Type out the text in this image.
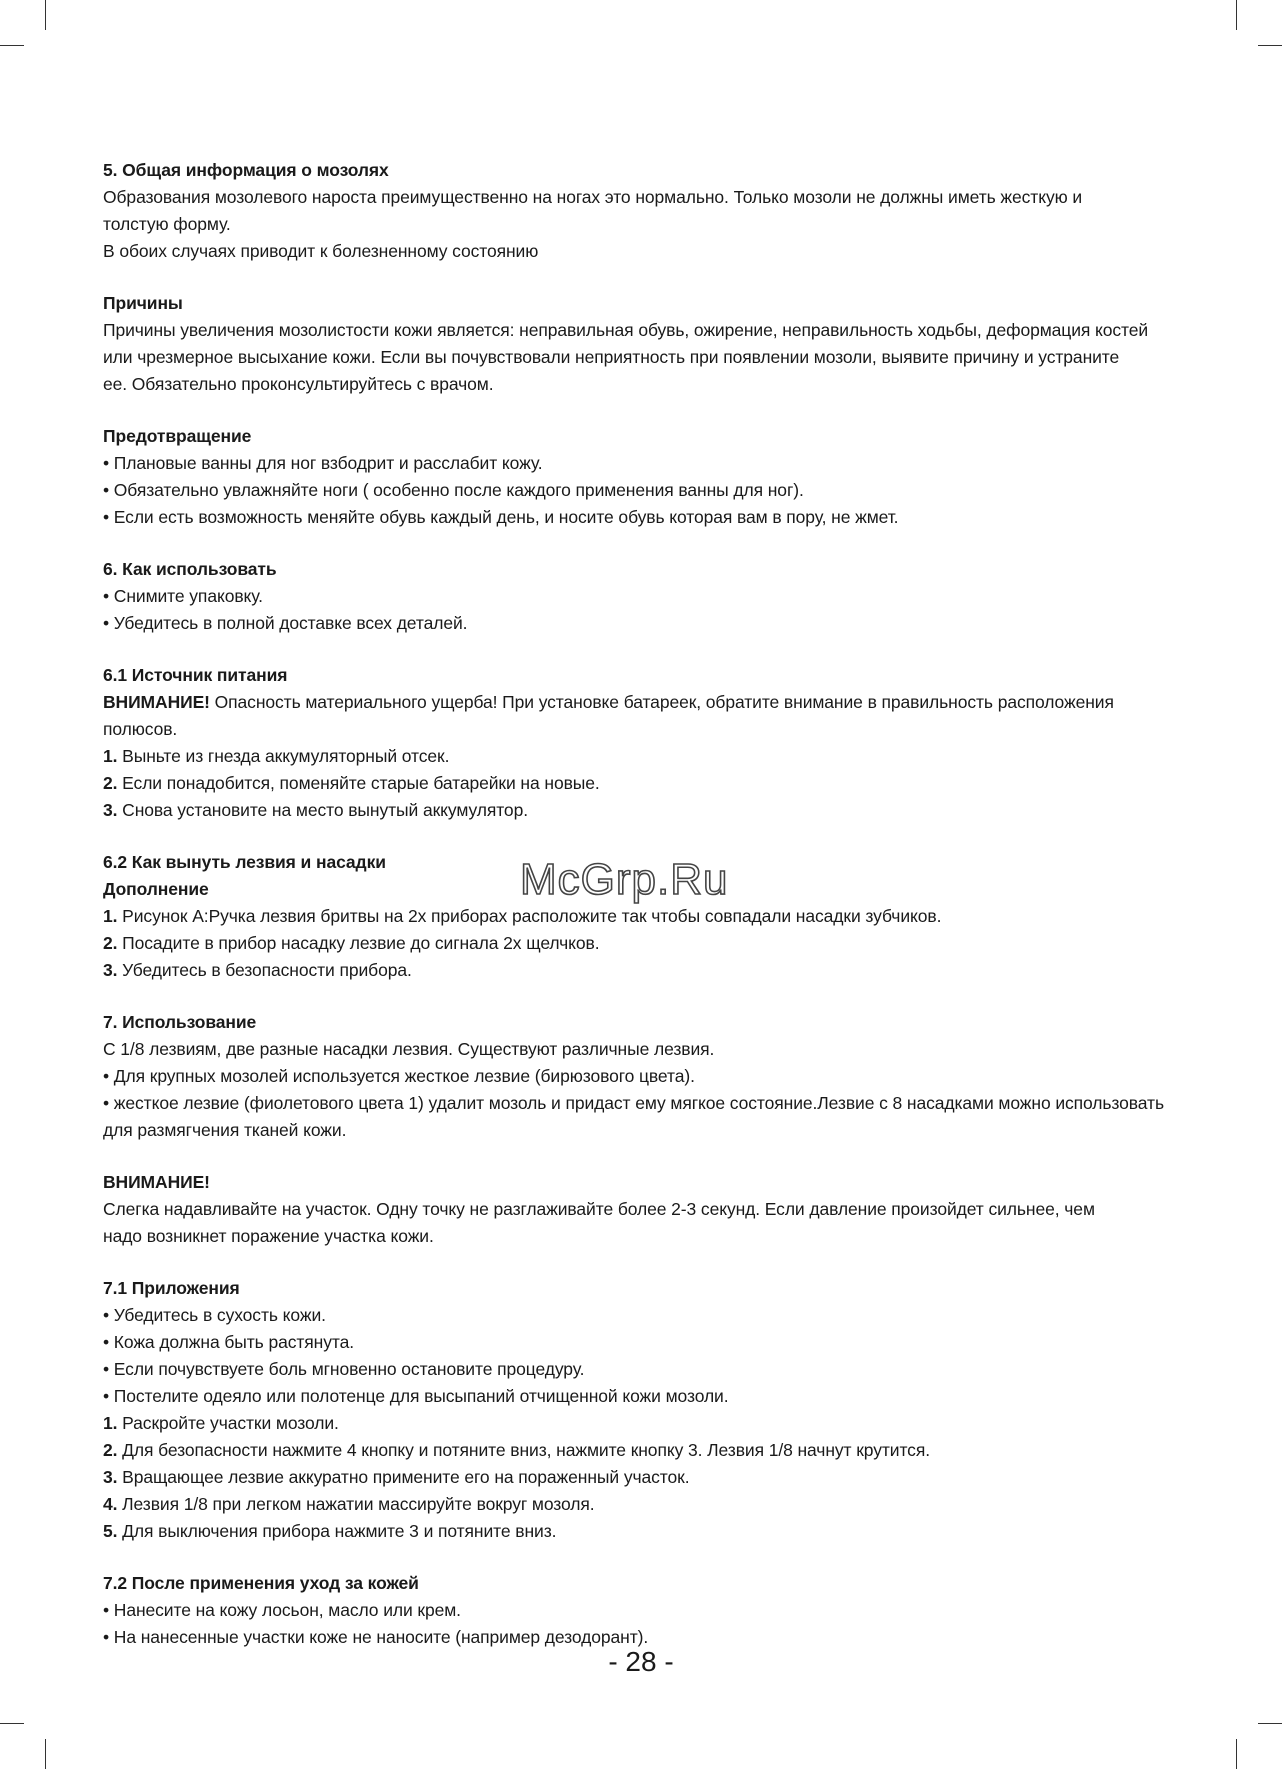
5. Общая информация о мозолях
Образования мозолевого нароста преимущественно на ногах это нормально. Только мозоли не должны иметь жесткую и
толстую форму.
В обоих случаях приводит к болезненному состоянию
Причины
Причины увеличения мозолистости кожи является: неправильная обувь, ожирение, неправильность ходьбы, деформация костей
или чрезмерное высыхание кожи. Если вы почувствовали неприятность при появлении мозоли, выявите причину и устраните
ее. Обязательно проконсультируйтесь с врачом.
Предотвращение
• Плановые ванны для ног взбодрит и расслабит кожу.
• Обязательно увлажняйте ноги ( особенно после каждого применения ванны для ног).
• Если есть возможность меняйте обувь каждый день, и носите обувь которая вам в пору, не жмет.
6. Как использовать
• Снимите упаковку.
• Убедитесь в полной доставке всех деталей.
6.1 Источник питания
ВНИМАНИЕ! Опасность материального ущерба! При установке батареек, обратите внимание в правильность расположения
полюсов.
1. Выньте из гнезда аккумуляторный отсек.
2. Если понадобится, поменяйте старые батарейки на новые.
3. Снова установите на место вынутый аккумулятор.
6.2 Как вынуть лезвия и насадки
Дополнение
1. Рисунок А:Ручка лезвия бритвы на 2х приборах расположите так чтобы совпадали насадки зубчиков.
2. Посадите в прибор насадку лезвие до сигнала 2х щелчков.
3. Убедитесь в безопасности прибора.
7. Использование
С 1/8 лезвиям, две разные насадки лезвия. Существуют различные лезвия.
• Для крупных мозолей используется жесткое лезвие (бирюзового цвета).
• жесткое лезвие (фиолетового цвета 1) удалит мозоль и придаст ему мягкое состояние.Лезвие с 8 насадками можно использовать
для размягчения тканей кожи.
ВНИМАНИЕ!
Слегка надавливайте на участок. Одну точку не разглаживайте более 2-3 секунд. Если давление произойдет сильнее, чем
надо возникнет поражение участка кожи.
7.1 Приложения
• Убедитесь в сухость кожи.
• Кожа должна быть растянута.
• Если почувствуете боль мгновенно остановите процедуру.
• Постелите одеяло или полотенце для высыпаний отчищенной кожи мозоли.
1. Раскройте участки мозоли.
2. Для безопасности нажмите 4 кнопку и потяните вниз, нажмите кнопку 3. Лезвия 1/8 начнут крутится.
3. Вращающее лезвие аккуратно примените его на пораженный участок.
4. Лезвия 1/8 при легком нажатии массируйте вокруг мозоля.
5. Для выключения прибора нажмите 3 и потяните вниз.
7.2 После применения уход за кожей
• Нанесите на кожу лосьон, масло или крем.
• На нанесенные участки коже не наносите (например дезодорант).
McGrp.Ru
- 28 -
